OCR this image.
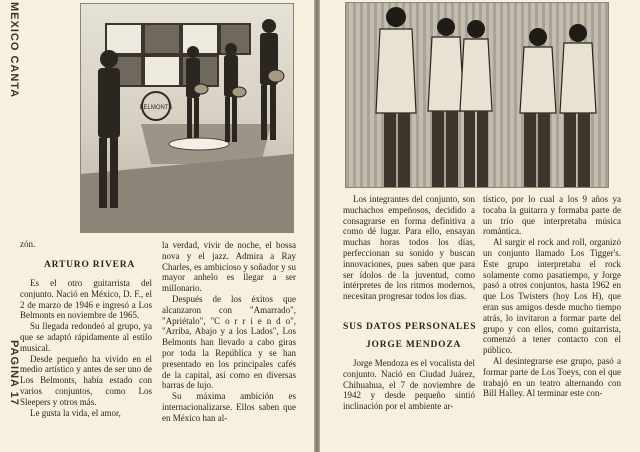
MEXICO CANTA
PAGINA 17
BELMONTS

zón.

ARTURO RIVERA

Es el otro guitarrista del conjunto. Nació en México, D. F., el 2 de marzo de 1946 e ingresó a Los Belmonts en noviembre de 1965.

Su llegada redondeó al grupo, ya que se adaptó rápidamente al estilo musical.

Desde pequeño ha vivido en el medio artístico y antes de ser uno de Los Belmonts, había estado con varios conjuntos, como Los Sleepers y otros más.

Le gusta la vida, el amor,

la verdad, vivir de noche, el bossa nova y el jazz. Admira a Ray Charles, es ambicioso y soñador y su mayor anhelo es llegar a ser millonario.

Después de los éxitos que alcanzaron con "Amarrado", "Apriétalo", "C o r r i e n d o", "Arriba, Abajo y a los Lados", Los Belmonts han llevado a cabo giras por toda la República y se han presentado en los principales cafés de la capital, así como en diversas barras de lujo.

Su máxima ambición es internacionalizarse. Ellos saben que en México han al-

Los integrantes del conjunto, son muchachos empeñosos, decidido a consagrarse en forma definitiva a como dé lugar. Para ello, ensayan muchas horas todos los días, perfeccionan su sonido y buscan innovaciones, pues saben que para ser ídolos de la juventud, como intérpretes de los ritmos modernos, necesitan progresar todos los días.

SUS DATOS PERSONALES
JORGE MENDOZA

Jorge Mendoza es el vocalista del conjunto. Nació en Ciudad Juárez, Chihuahua, el 7 de noviembre de 1942 y desde pequeño sintió inclinación por el ambiente ar-

tístico, por lo cual a los 9 años ya tocaba la guitarra y formaba parte de un trío que interpretaba música romántica.

Al surgir el rock and roll, organizó un conjunto llamado Los Tigger's. Este grupo interpretaba el rock solamente como pasatiempo, y Jorge pasó a otros conjuntos, hasta 1962 en que Los Twisters (hoy Los H), que eran sus amigos desde mucho tiempo atrás, lo invitaron a formar parte del grupo y con ellos, como guitarrista, comenzó a tener contacto con el público.

Al desintegrarse ese grupo, pasó a formar parte de Los Toeys, con el que trabajó en un teatro alternando con Bill Halley. Al terminar este con-
